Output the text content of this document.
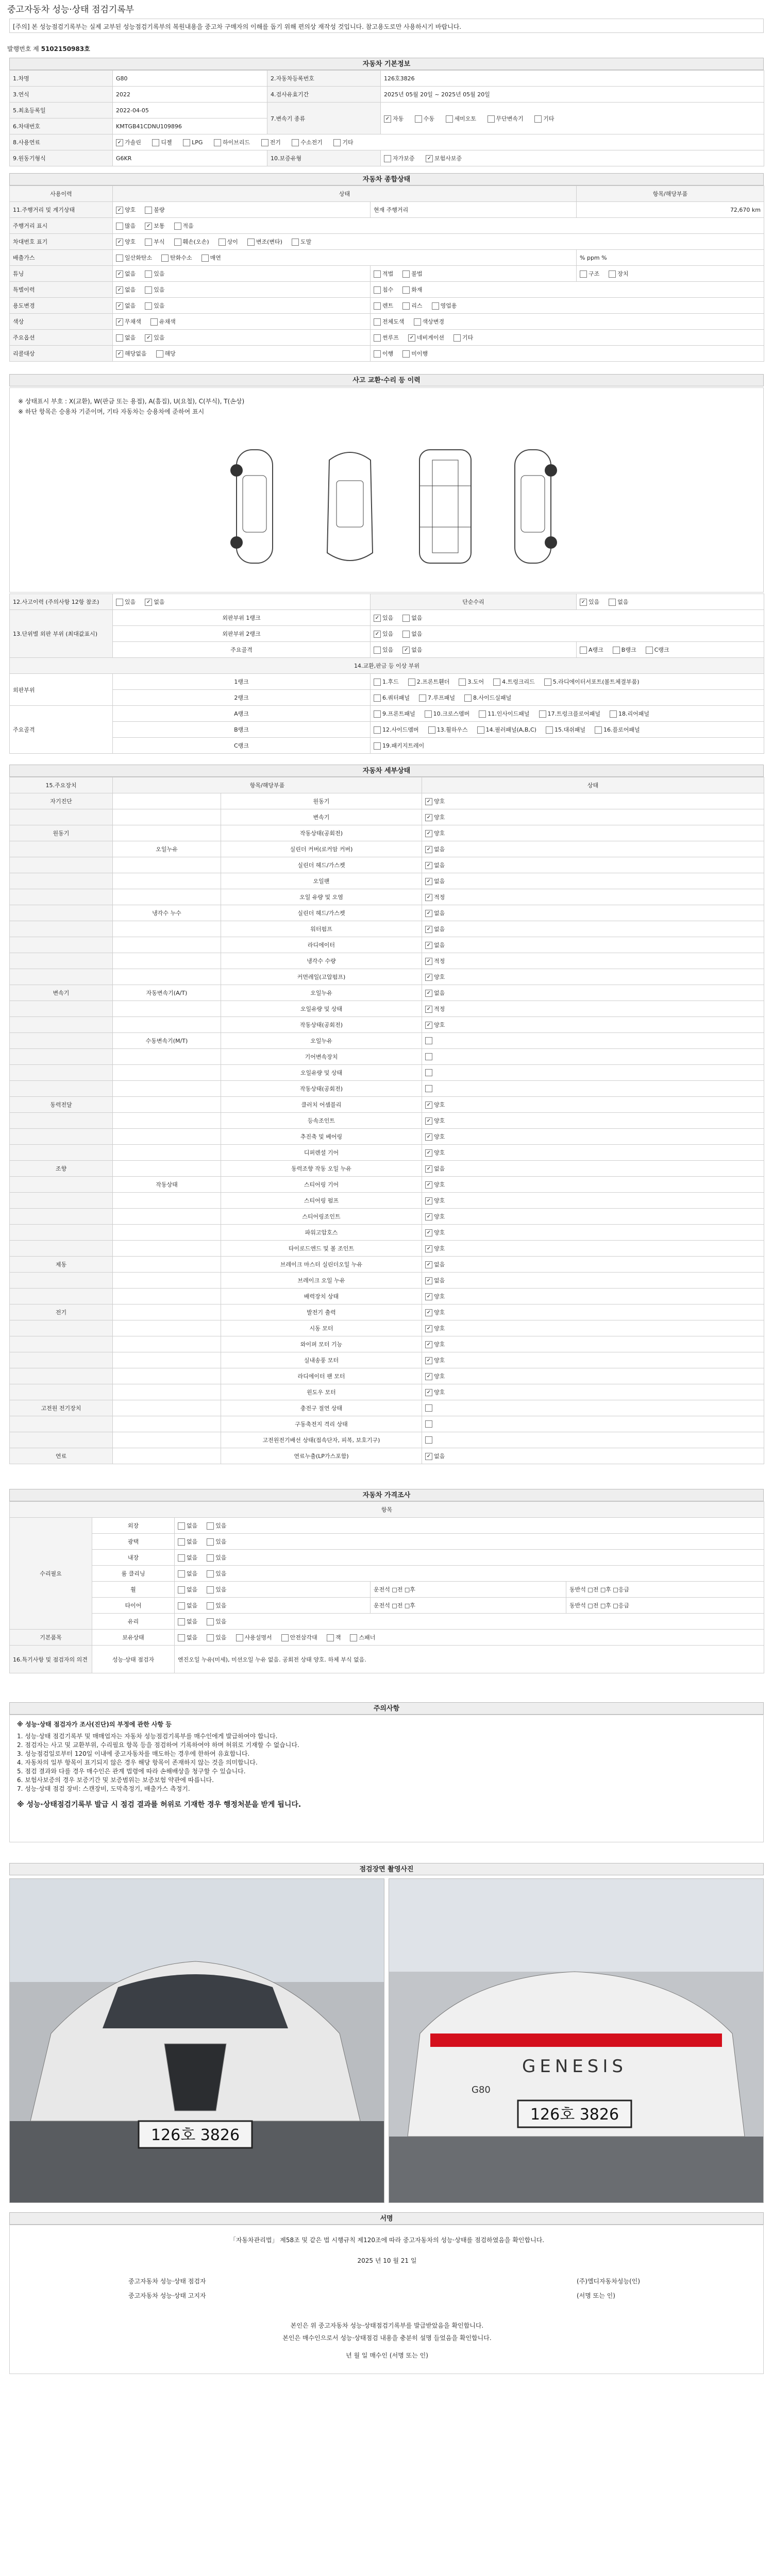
중고자동차 성능·상태 점검기록부
[주의] 본 성능점검기록부는 실제 교부된 성능점검기록부의 복원내용을 중고차 구매자의 이해를 돕기 위해 편의상 재작성 것입니다. 참고용도로만 사용하시기 바랍니다.
발행번호 제 5102150983호
자동차 기본정보
1.차명	G80	2.자동차등록번호	126호3826
3.연식	2022	4.검사유효기간	2025년 05월 20일 ~ 2025년 05월 20일
5.최초등록일	2022-04-05	7.변속기 종류	✓ 자동 수동 세미오토 무단변속기 기타
6.차대번호	KMTGB41CDNU109896		
8.사용연료	✓ 가솔린 디젤 LPG 하이브리드 전기 수소전기 기타		
9.원동기형식	G6KR	10.보증유형	자가보증 ✓ 보험사보증
자동차 종합상태
사용이력	상태		항목/해당부품
11.주행거리 및 계기상태	✓ 양호 불량	현재 주행거리	72,670 km
주행거리 표시	많음 ✓ 보통 적음		
차대번호 표기	✓ 양호 부식 훼손(오손) 상이 변조(변타) 도말		
배출가스	일산화탄소 탄화수소 매연		% ppm %
튜닝	✓ 없음 있음	적법 불법	구조 장치
특별이력	✓ 없음 있음	침수 화재	
용도변경	✓ 없음 있음	렌트 리스 영업용	
색상	✓ 무채색 유채색	전체도색 색상변경	
주요옵션	없음 ✓ 있음	썬루프 ✓ 네비게이션 기타	
리콜대상	✓ 해당없음 해당	이행 미이행	
사고 교환·수리 등 이력
※ 상태표시 부호 : X(교환), W(판금 또는 용접), A(흠집), U(요철), C(부식), T(손상)
※ 하단 항목은 승용차 기준이며, 기타 자동차는 승용차에 준하여 표시
12.사고이력 (주의사항 12항 참조)	있음 ✓ 없음	단순수리	✓ 있음 없음
13.단위별 외판 부위 (최대값표시)	외판부위 1랭크	✓ 있음 없음	
	외판부위 2랭크	✓ 있음 없음	
	주요골격	있음 ✓ 없음	A랭크 B랭크 C랭크
14.교환,판금 등 이상 부위			
외판부위	1랭크	1.후드 2.프론트휀더 3.도어 4.트렁크리드 5.라디에이터서포트(볼트체결부품)	
	2랭크	6.쿼터패널 7.루프패널 8.사이드실패널	
주요골격	A랭크	9.프론트패널 10.크로스멤버 11.인사이드패널 17.트렁크플로어패널 18.리어패널	
	B랭크	12.사이드멤버 13.휠하우스 14.필러패널(A,B,C) 15.대쉬패널 16.플로어패널	
	C랭크	19.패키지트레이	
자동차 세부상태
15.주요장치	항목/해당부품		상태
자기진단		원동기	✓ 양호
		변속기	✓ 양호
원동기		작동상태(공회전)	✓ 양호
	오일누유	실린더 커버(로커암 커버)	✓ 없음
		실린더 헤드/가스켓	✓ 없음
		오일팬	✓ 없음
		오일 유량 및 오염	✓ 적정
	냉각수 누수	실린더 헤드/가스켓	✓ 없음
		워터펌프	✓ 없음
		라디에이터	✓ 없음
		냉각수 수량	✓ 적정
		커먼레일(고압펌프)	✓ 양호
변속기	자동변속기(A/T)	오일누유	✓ 없음
		오일유량 및 상태	✓ 적정
		작동상태(공회전)	✓ 양호
	수동변속기(M/T)	오일누유	
		기어변속장치	
		오일유량 및 상태	
		작동상태(공회전)	
동력전달		클러치 어셈블리	✓ 양호
		등속조인트	✓ 양호
		추진축 및 베어링	✓ 양호
		디퍼렌셜 기어	✓ 양호
조향		동력조향 작동 오일 누유	✓ 없음
	작동상태	스티어링 기어	✓ 양호
		스티어링 펌프	✓ 양호
		스티어링조인트	✓ 양호
		파워고압호스	✓ 양호
		타이로드엔드 및 볼 조인트	✓ 양호
제동		브레이크 마스터 실린더오일 누유	✓ 없음
		브레이크 오일 누유	✓ 없음
		배력장치 상태	✓ 양호
전기		발전기 출력	✓ 양호
		시동 모터	✓ 양호
		와이퍼 모터 기능	✓ 양호
		실내송풍 모터	✓ 양호
		라디에이터 팬 모터	✓ 양호
		윈도우 모터	✓ 양호
고전원 전기장치		충전구 절연 상태	
		구동축전지 격리 상태	
		고전원전기배선 상태(접속단자, 피복, 보호기구)	
연료		연료누출(LP가스포함)	✓ 없음
자동차 가격조사
항목				
수리필요	외장	없음 있음		
	광택	없음 있음		
	내장	없음 있음		
	룸 클리닝	없음 있음		
	휠	없음 있음	운전석 □전 □후	동반석 □전 □후 □응급
	타이어	없음 있음	운전석 □전 □후	동반석 □전 □후 □응급
	유리	없음 있음		
기본품목	보유상태	없음 있음 사용설명서 안전삼각대 잭 스패너		
16.특기사항 및 점검자의 의견	성능·상태 점검자	엔진오일 누유(미세), 미션오일 누유 없음. 공회전 상태 양호. 하체 부식 없음.		
주의사항
※ 성능·상태 점검자가 조사(진단)의 부정에 관한 사항 등
1. 성능·상태 점검기록부 및 매매업자는 자동차 성능점검기록부를 매수인에게 발급하여야 합니다.
2. 점검자는 사고 및 교환부위, 수리필요 항목 등을 점검하여 기록하여야 하며 허위로 기재할 수 없습니다.
3. 성능점검일로부터 120일 이내에 중고자동차를 매도하는 경우에 한하여 유효합니다.
4. 자동차의 일부 항목이 표기되지 않은 경우 해당 항목이 존재하지 않는 것을 의미합니다.
5. 점검 결과와 다를 경우 매수인은 관계 법령에 따라 손해배상을 청구할 수 있습니다.
6. 보험사보증의 경우 보증기간 및 보증범위는 보증보험 약관에 따릅니다.
7. 성능·상태 점검 장비: 스캔장비, 도막측정기, 배출가스 측정기.
※ 성능·상태점검기록부 발급 시 점검 결과를 허위로 기재한 경우 행정처분을 받게 됩니다.
점검장면 촬영사진
126호 3826
GENESIS
G80
126호 3826
서명
「자동차관리법」 제58조 및 같은 법 시행규칙 제120조에 따라 중고자동차의 성능·상태를 점검하였음을 확인합니다.
2025 년 10 월 21 일
중고자동차 성능·상태 점검자	(주)엘디자동차성능(인)
중고자동차 성능·상태 고지자	(서명 또는 인)
본인은 위 중고자동차 성능·상태점검기록부를 발급받았음을 확인합니다.
본인은 매수인으로서 성능·상태점검 내용을 충분히 설명 들었음을 확인합니다.
년 월 일 매수인 (서명 또는 인)
